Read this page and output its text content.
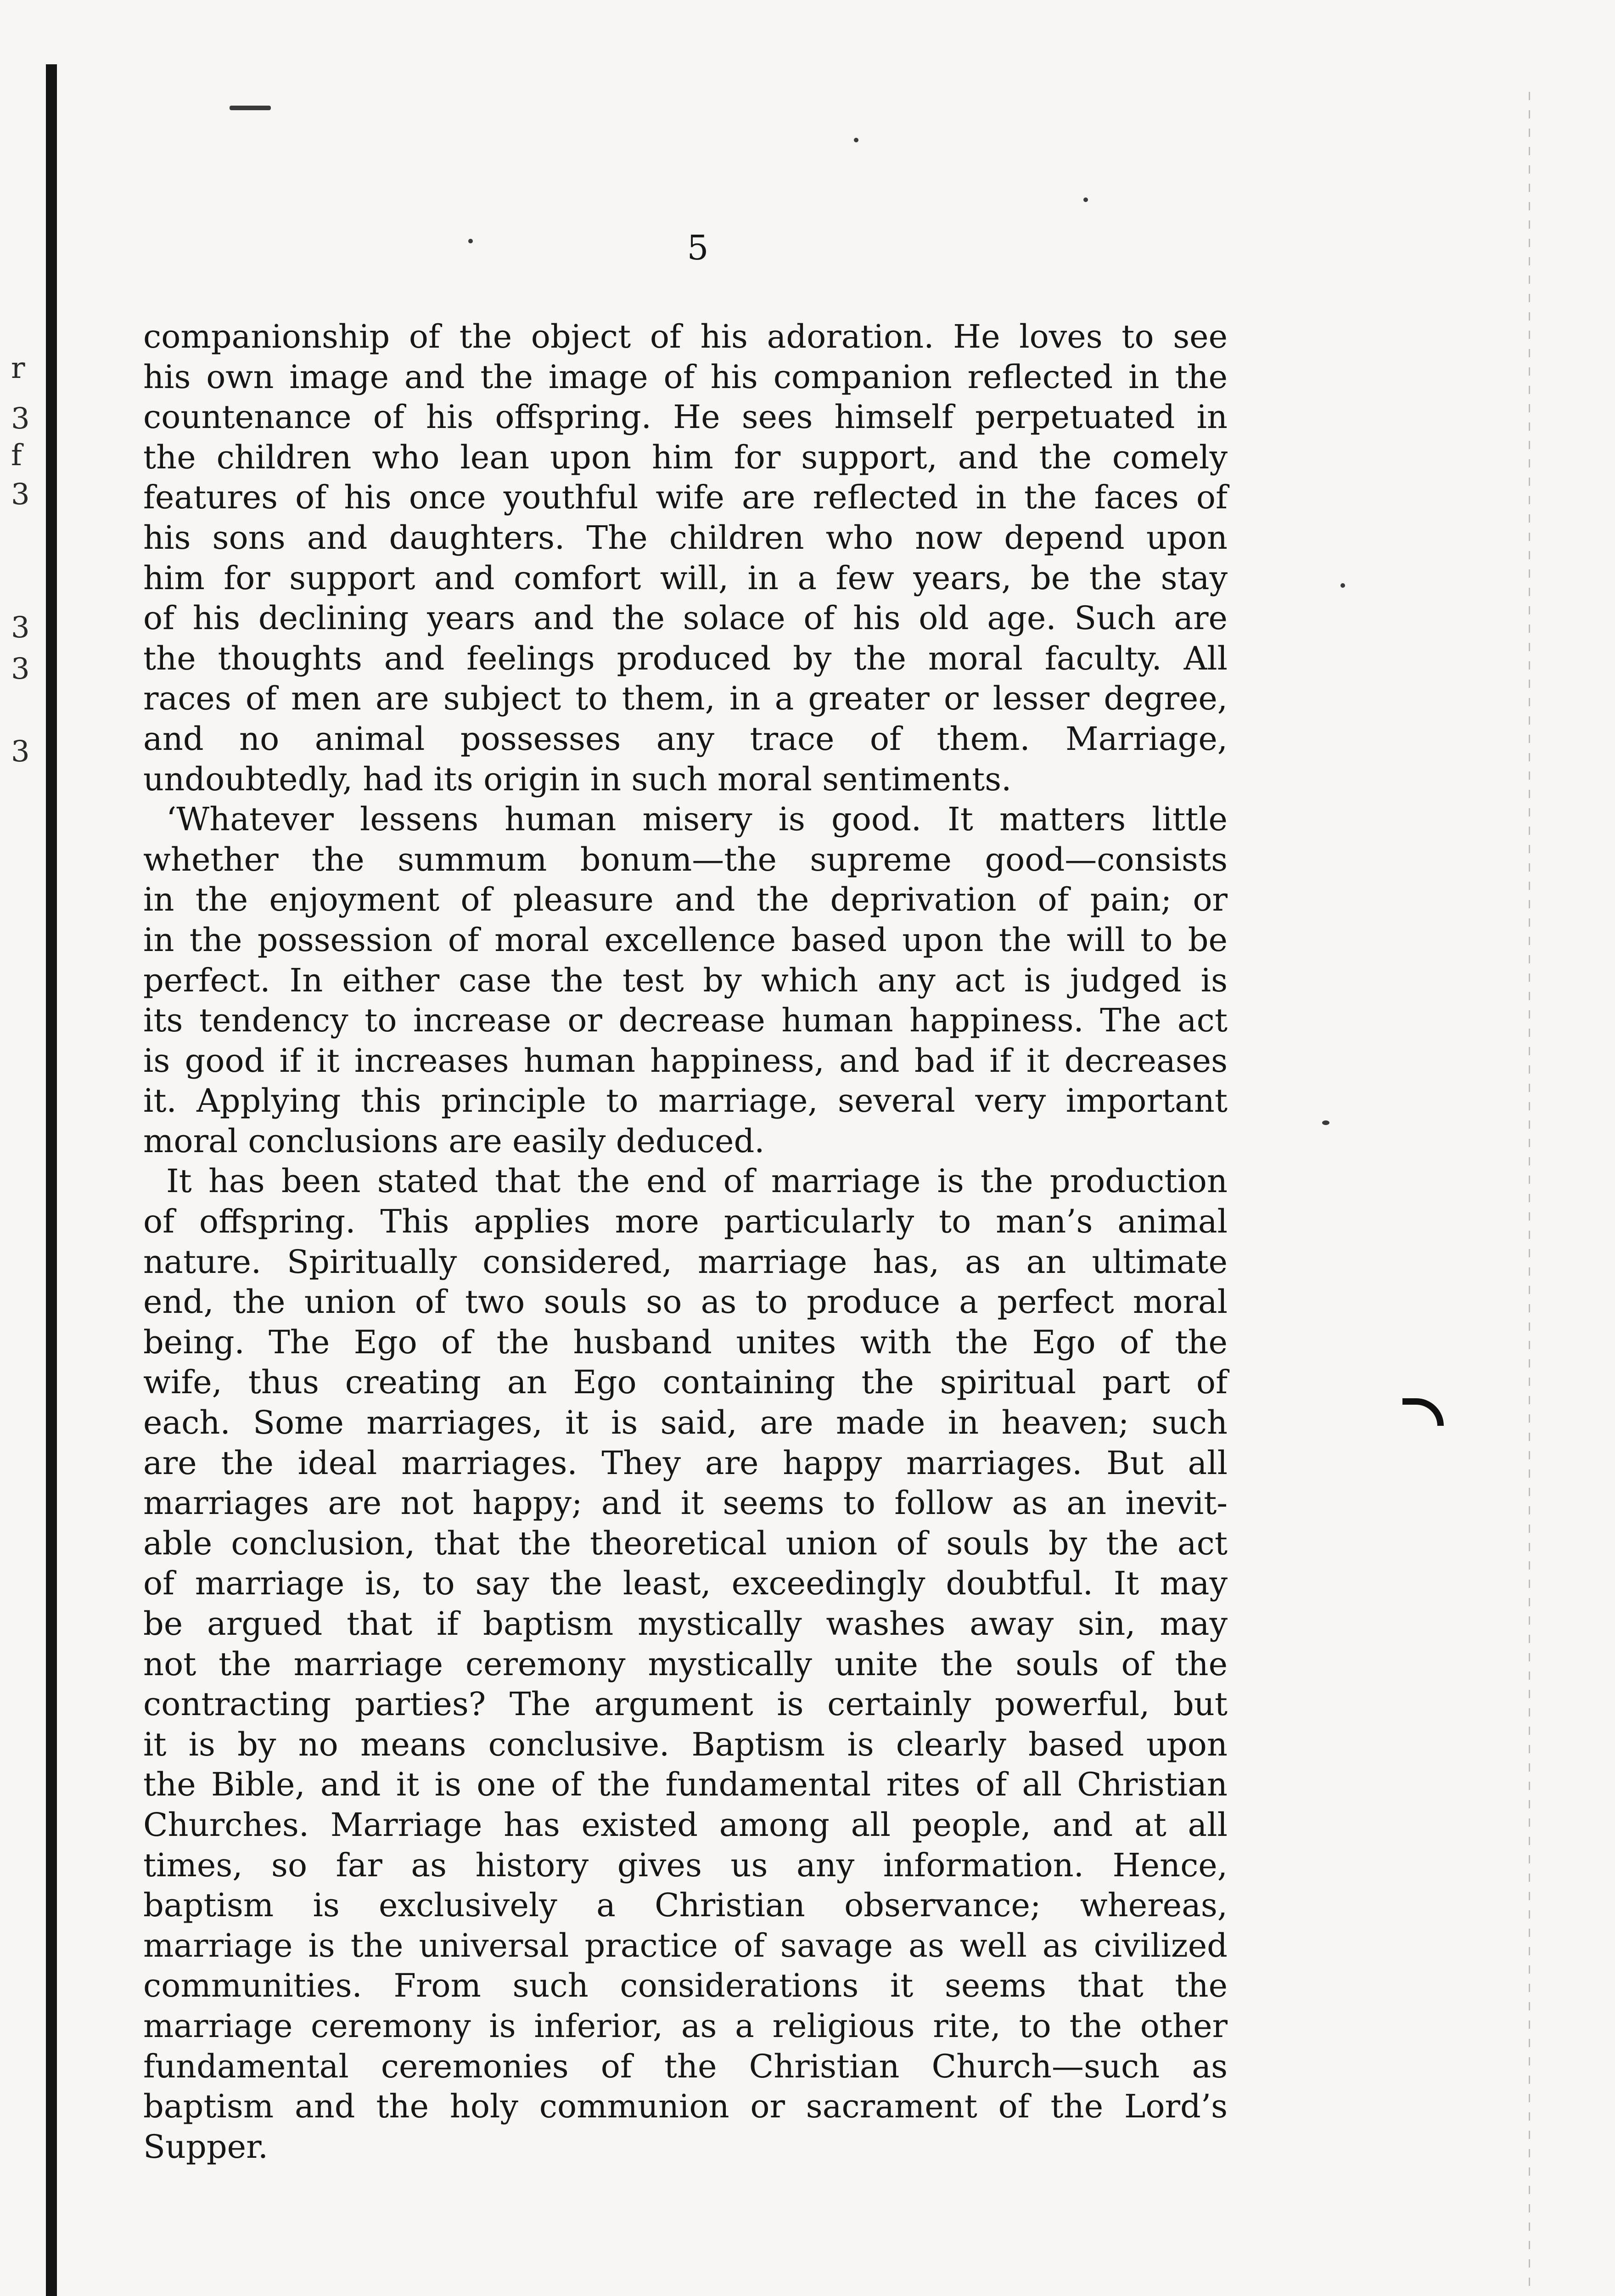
r
3
f
3
3
3
3
5
companionship of the object of his adoration. He loves to see
his own image and the image of his companion reflected in the
countenance of his offspring. He sees himself perpetuated in
the children who lean upon him for support, and the comely
features of his once youthful wife are reflected in the faces of
his sons and daughters. The children who now depend upon
him for support and comfort will, in a few years, be the stay
of his declining years and the solace of his old age. Such are
the thoughts and feelings produced by the moral faculty. All
races of men are subject to them, in a greater or lesser degree,
and no animal possesses any trace of them. Marriage,
undoubtedly, had its origin in such moral sentiments.
‘Whatever lessens human misery is good. It matters little
whether the summum bonum—the supreme good—consists
in the enjoyment of pleasure and the deprivation of pain; or
in the possession of moral excellence based upon the will to be
perfect. In either case the test by which any act is judged is
its tendency to increase or decrease human happiness. The act
is good if it increases human happiness, and bad if it decreases
it. Applying this principle to marriage, several very important
moral conclusions are easily deduced.
It has been stated that the end of marriage is the production
of offspring. This applies more particularly to man’s animal
nature. Spiritually considered, marriage has, as an ultimate
end, the union of two souls so as to produce a perfect moral
being. The Ego of the husband unites with the Ego of the
wife, thus creating an Ego containing the spiritual part of
each. Some marriages, it is said, are made in heaven; such
are the ideal marriages. They are happy marriages. But all
marriages are not happy; and it seems to follow as an inevit-
able conclusion, that the theoretical union of souls by the act
of marriage is, to say the least, exceedingly doubtful. It may
be argued that if baptism mystically washes away sin, may
not the marriage ceremony mystically unite the souls of the
contracting parties? The argument is certainly powerful, but
it is by no means conclusive. Baptism is clearly based upon
the Bible, and it is one of the fundamental rites of all Christian
Churches. Marriage has existed among all people, and at all
times, so far as history gives us any information. Hence,
baptism is exclusively a Christian observance; whereas,
marriage is the universal practice of savage as well as civilized
communities. From such considerations it seems that the
marriage ceremony is inferior, as a religious rite, to the other
fundamental ceremonies of the Christian Church—such as
baptism and the holy communion or sacrament of the Lord’s
Supper.
